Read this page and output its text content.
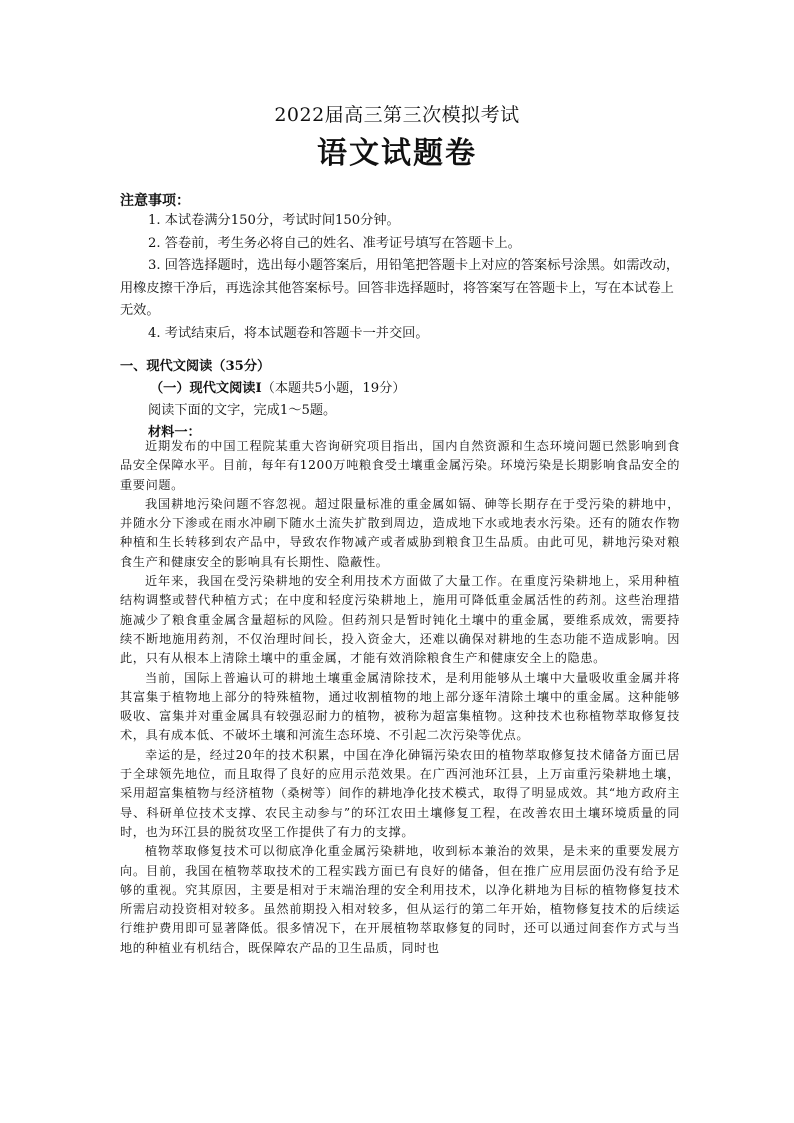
2022届高三第三次模拟考试
语文试题卷
注意事项：

1. 本试卷满分150分，考试时间150分钟。

2. 答卷前，考生务必将自己的姓名、准考证号填写在答题卡上。

3. 回答选择题时，选出每小题答案后，用铅笔把答题卡上对应的答案标号涂黑。如需改动，用橡皮擦干净后，再选涂其他答案标号。回答非选择题时，将答案写在答题卡上，写在本试卷上无效。

4. 考试结束后，将本试题卷和答题卡一并交回。

一、现代文阅读（35分）

（一）现代文阅读Ⅰ（本题共5小题，19分）

阅读下面的文字，完成1～5题。

材料一：

近期发布的中国工程院某重大咨询研究项目指出，国内自然资源和生态环境问题已然影响到食品安全保障水平。目前，每年有1200万吨粮食受土壤重金属污染。环境污染是长期影响食品安全的重要问题。

我国耕地污染问题不容忽视。超过限量标准的重金属如镉、砷等长期存在于受污染的耕地中，并随水分下渗或在雨水冲刷下随水土流失扩散到周边，造成地下水或地表水污染。还有的随农作物种植和生长转移到农产品中，导致农作物减产或者威胁到粮食卫生品质。由此可见，耕地污染对粮食生产和健康安全的影响具有长期性、隐蔽性。

近年来，我国在受污染耕地的安全利用技术方面做了大量工作。在重度污染耕地上，采用种植结构调整或替代种植方式；在中度和轻度污染耕地上，施用可降低重金属活性的药剂。这些治理措施减少了粮食重金属含量超标的风险。但药剂只是暂时钝化土壤中的重金属，要维系成效，需要持续不断地施用药剂，不仅治理时间长，投入资金大，还难以确保对耕地的生态功能不造成影响。因此，只有从根本上清除土壤中的重金属，才能有效消除粮食生产和健康安全上的隐患。

当前，国际上普遍认可的耕地土壤重金属清除技术，是利用能够从土壤中大量吸收重金属并将其富集于植物地上部分的特殊植物，通过收割植物的地上部分逐年清除土壤中的重金属。这种能够吸收、富集并对重金属具有较强忍耐力的植物，被称为超富集植物。这种技术也称植物萃取修复技术，具有成本低、不破坏土壤和河流生态环境、不引起二次污染等优点。

幸运的是，经过20年的技术积累，中国在净化砷镉污染农田的植物萃取修复技术储备方面已居于全球领先地位，而且取得了良好的应用示范效果。在广西河池环江县，上万亩重污染耕地土壤，采用超富集植物与经济植物（桑树等）间作的耕地净化技术模式，取得了明显成效。其“地方政府主导、科研单位技术支撑、农民主动参与”的环江农田土壤修复工程，在改善农田土壤环境质量的同时，也为环江县的脱贫攻坚工作提供了有力的支撑。

植物萃取修复技术可以彻底净化重金属污染耕地，收到标本兼治的效果，是未来的重要发展方向。目前，我国在植物萃取技术的工程实践方面已有良好的储备，但在推广应用层面仍没有给予足够的重视。究其原因，主要是相对于末端治理的安全利用技术，以净化耕地为目标的植物修复技术所需启动投资相对较多。虽然前期投入相对较多，但从运行的第二年开始，植物修复技术的后续运行维护费用即可显著降低。很多情况下，在开展植物萃取修复的同时，还可以通过间套作方式与当地的种植业有机结合，既保障农产品的卫生品质，同时也
